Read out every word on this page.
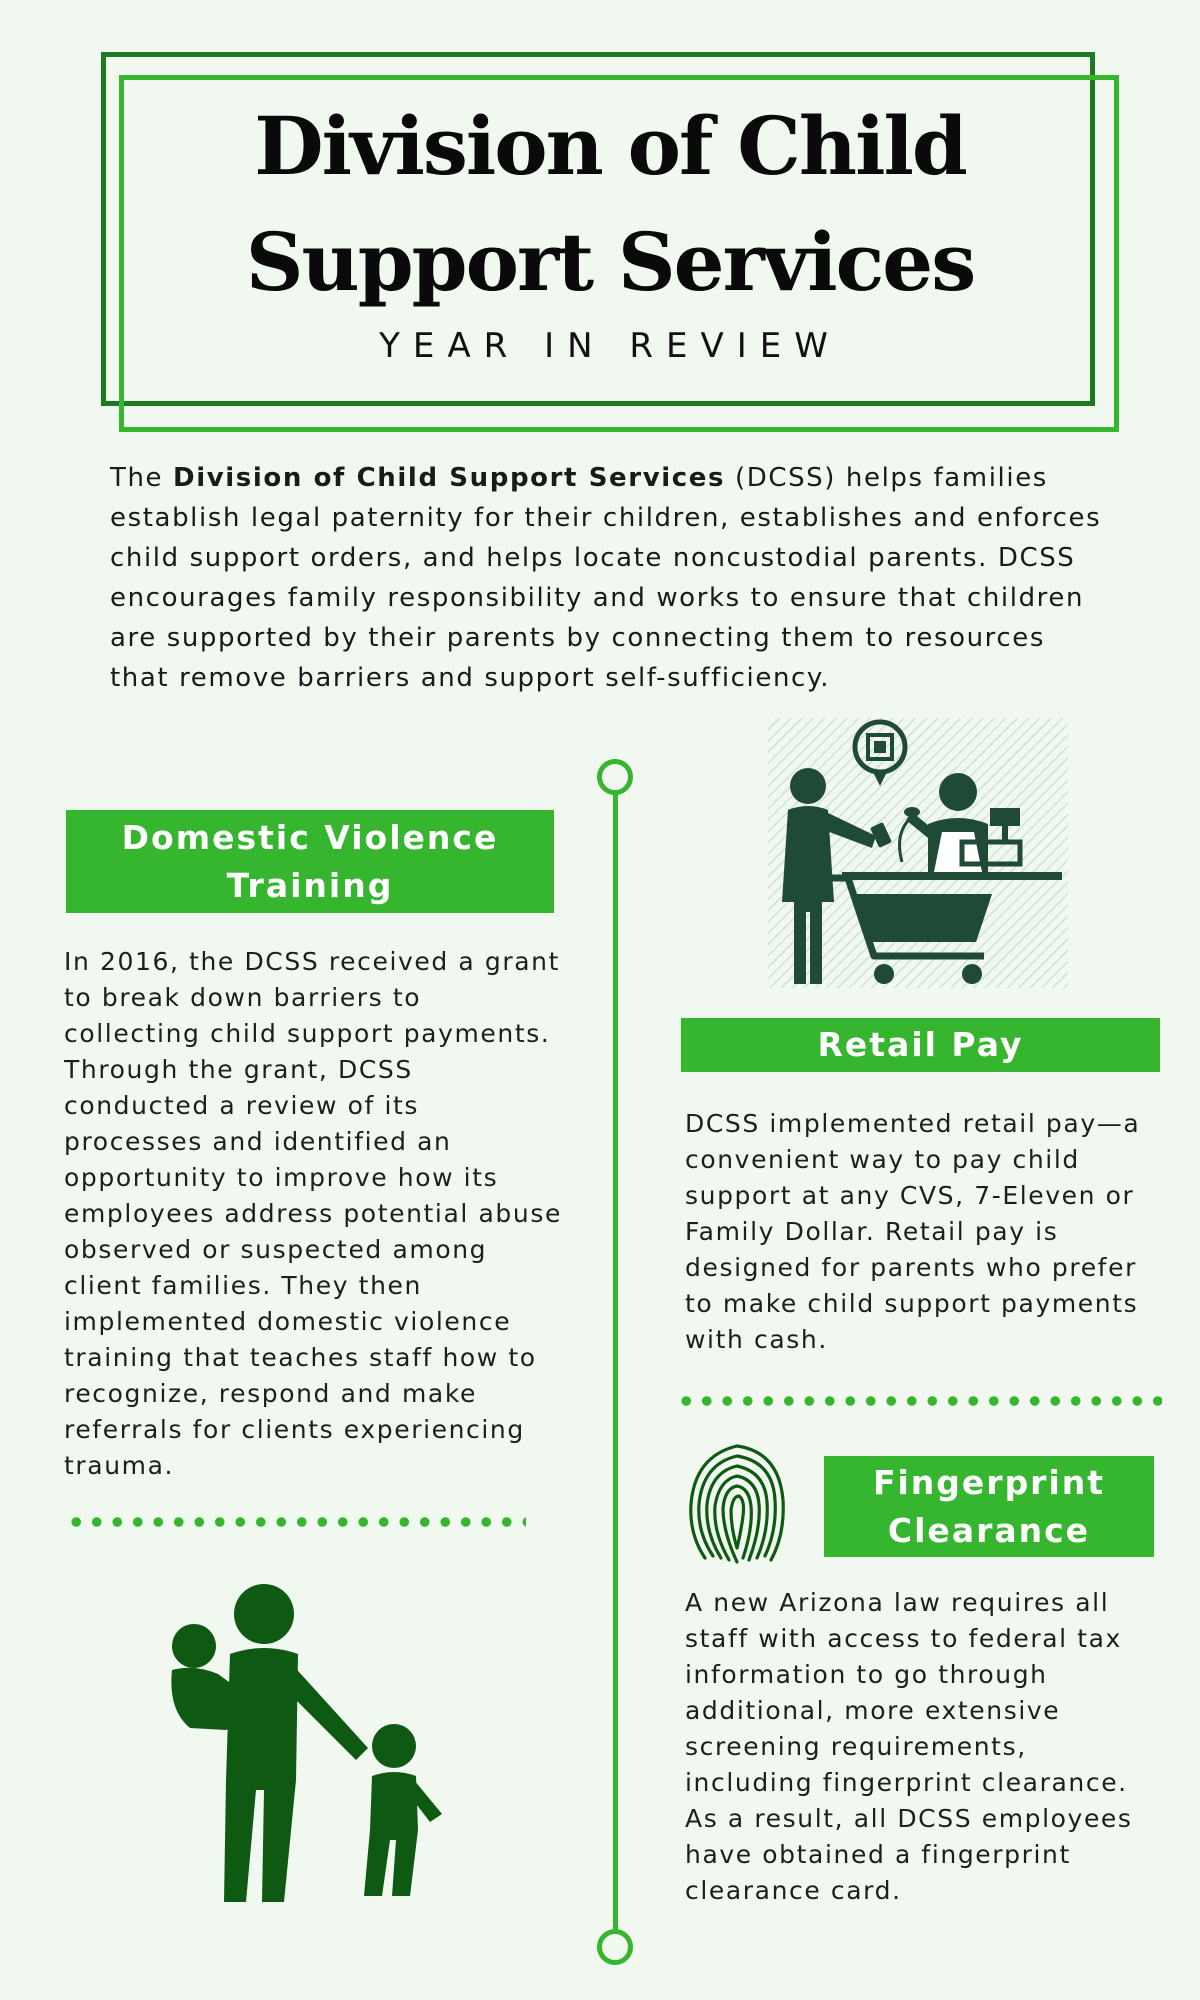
Division of Child
Support Services
YEAR IN REVIEW
The Division of Child Support Services (DCSS) helps families establish legal paternity for their children, establishes and enforces child support orders, and helps locate noncustodial parents. DCSS encourages family responsibility and works to ensure that children are supported by their parents by connecting them to resources that remove barriers and support self-sufficiency.
Domestic Violence
Training
In 2016, the DCSS received a grant to break down barriers to collecting child support payments. Through the grant, DCSS conducted a review of its processes and identified an opportunity to improve how its employees address potential abuse observed or suspected among client families. They then implemented domestic violence training that teaches staff how to recognize, respond and make referrals for clients experiencing trauma.
Retail Pay
DCSS implemented retail pay—a convenient way to pay child support at any CVS, 7-Eleven or Family Dollar. Retail pay is designed for parents who prefer to make child support payments with cash.
Fingerprint
Clearance
A new Arizona law requires all staff with access to federal tax information to go through additional, more extensive screening requirements, including fingerprint clearance. As a result, all DCSS employees have obtained a fingerprint clearance card.
